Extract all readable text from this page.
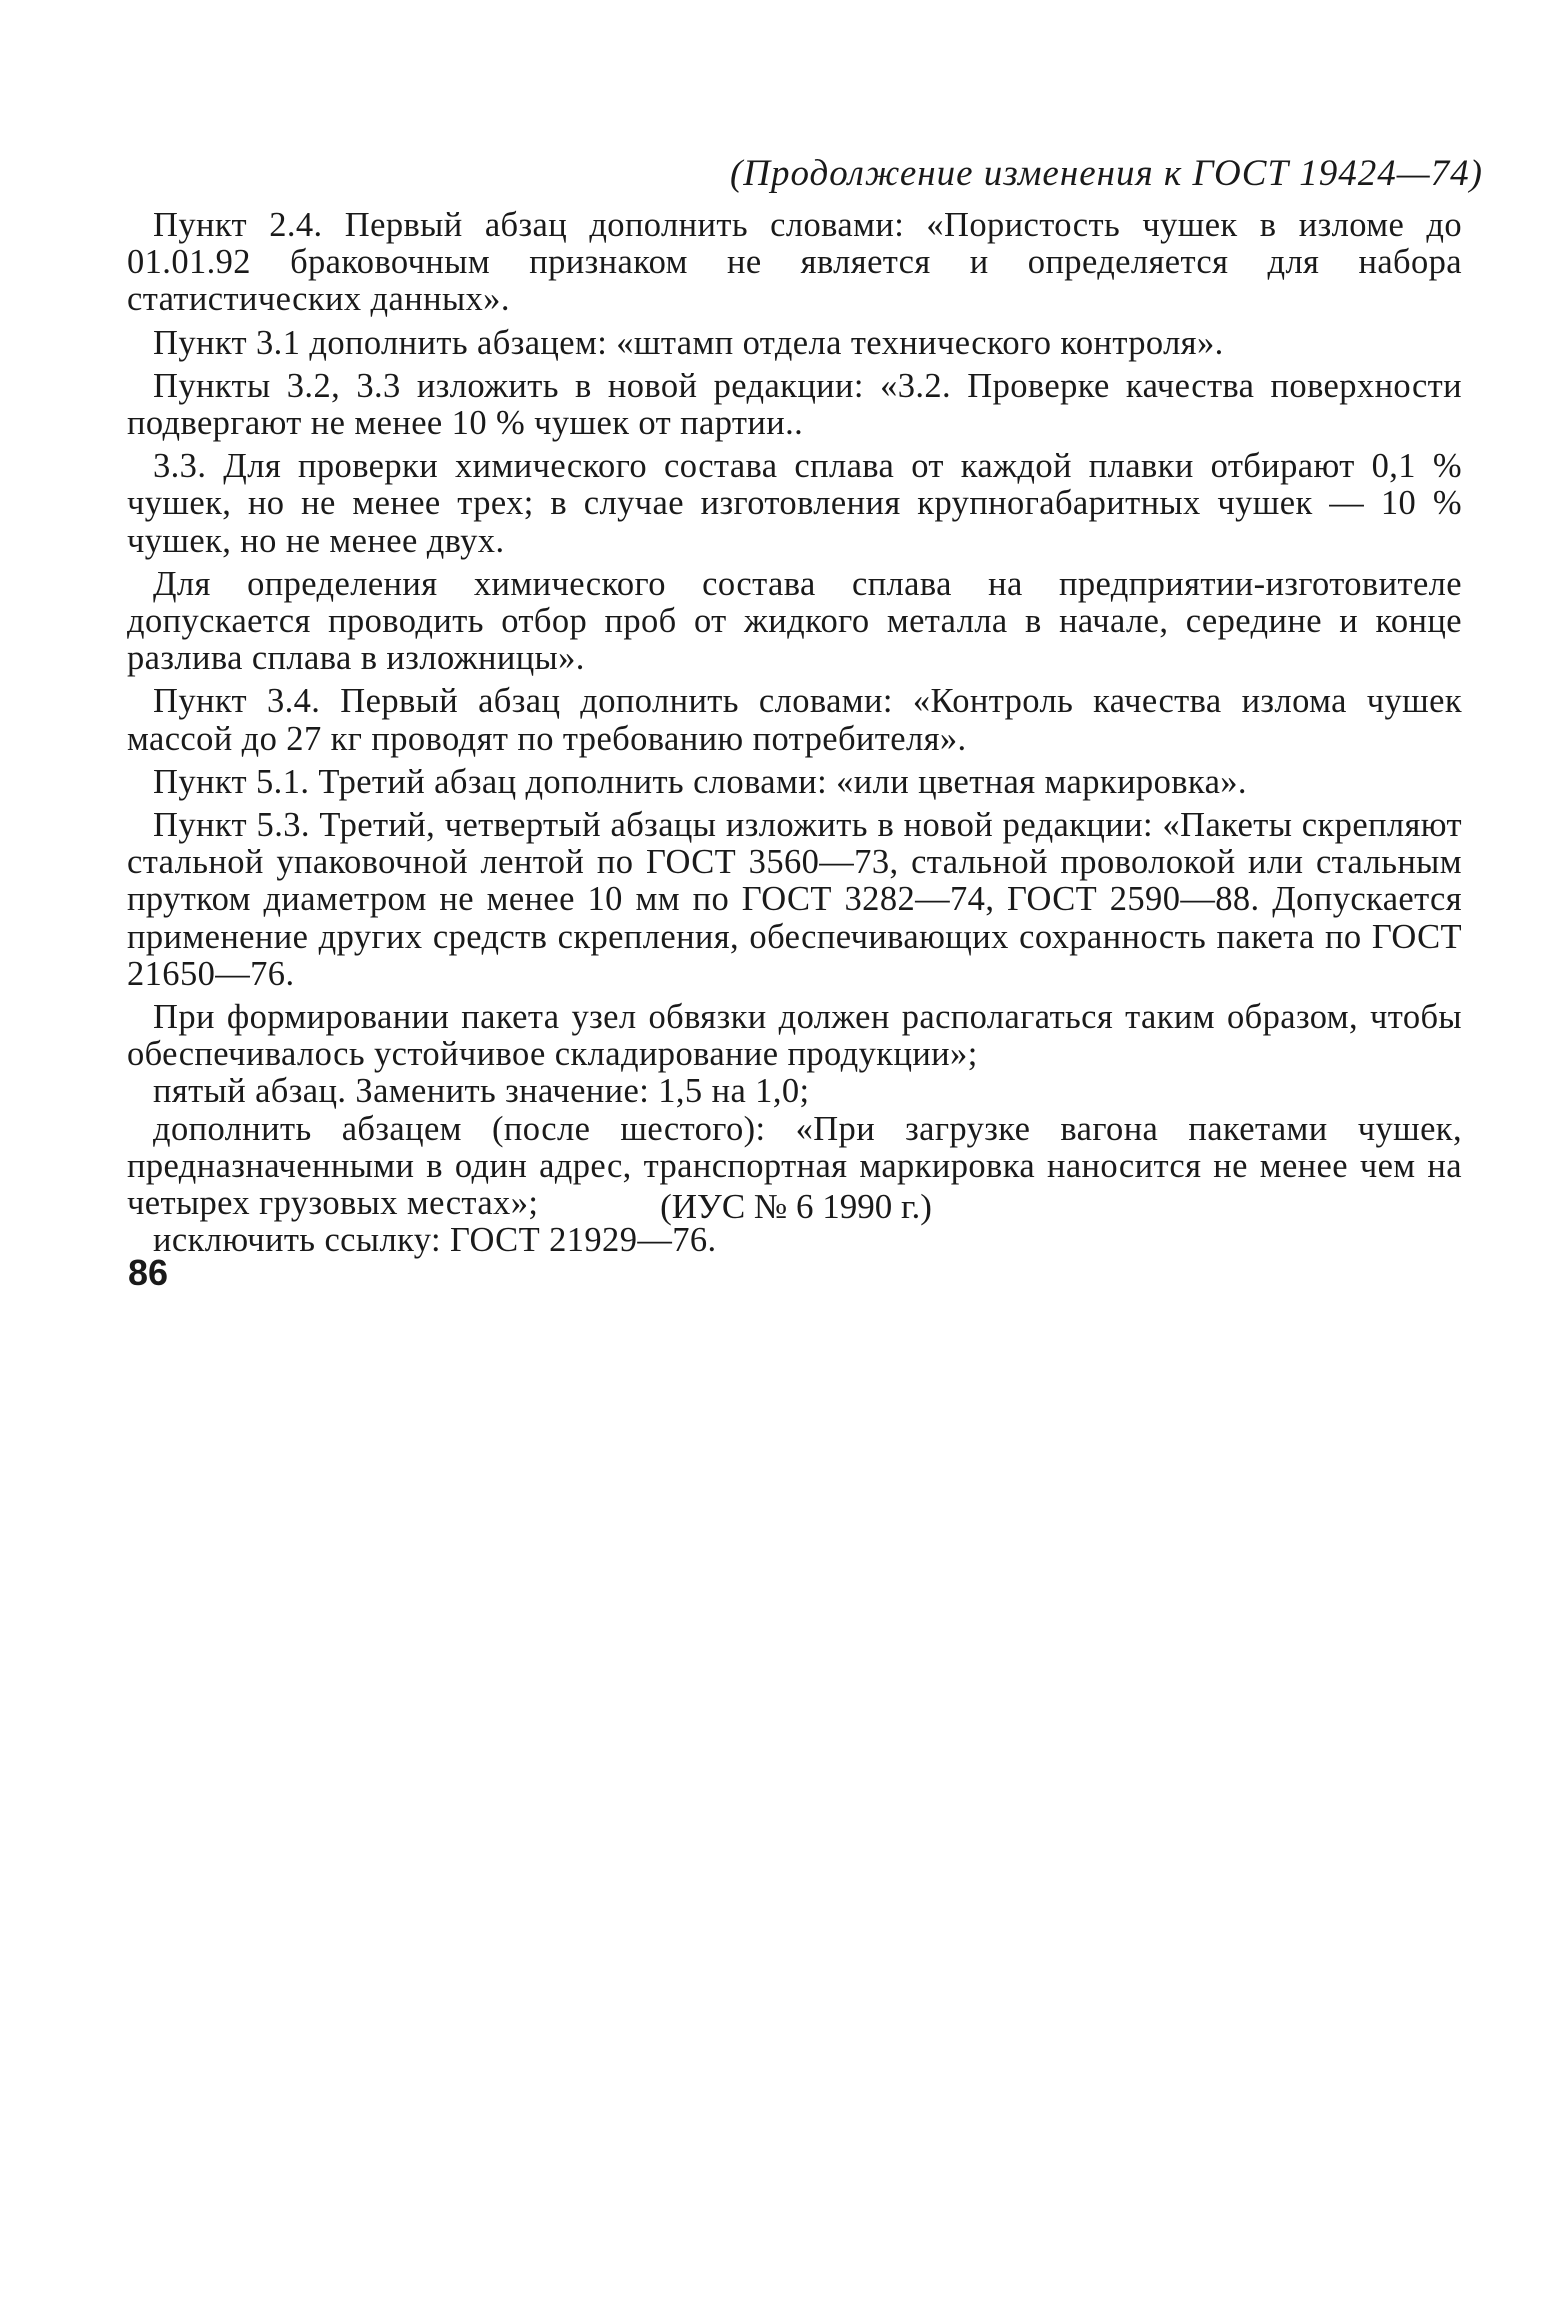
(Продолжение изменения к ГОСТ 19424—74)

Пункт 2.4. Первый абзац дополнить словами: «Пористость чушек в изломе до 01.01.92 браковочным признаком не является и определяется для набора статистических данных».

Пункт 3.1 дополнить абзацем: «штамп отдела технического контроля».

Пункты 3.2, 3.3 изложить в новой редакции: «3.2. Проверке качества поверхности подвергают не менее 10 % чушек от партии..

3.3. Для проверки химического состава сплава от каждой плавки отбирают 0,1 % чушек, но не менее трех; в случае изготовления крупногабаритных чушек — 10 % чушек, но не менее двух.

Для определения химического состава сплава на предприятии-изготовителе допускается проводить отбор проб от жидкого металла в начале, середине и конце разлива сплава в изложницы».

Пункт 3.4. Первый абзац дополнить словами: «Контроль качества излома чушек массой до 27 кг проводят по требованию потребителя».

Пункт 5.1. Третий абзац дополнить словами: «или цветная маркировка».

Пункт 5.3. Третий, четвертый абзацы изложить в новой редакции: «Пакеты скрепляют стальной упаковочной лентой по ГОСТ 3560—73, стальной проволокой или стальным прутком диаметром не менее 10 мм по ГОСТ 3282—74, ГОСТ 2590—88. Допускается применение других средств скрепления, обеспечивающих сохранность пакета по ГОСТ 21650—76.

При формировании пакета узел обвязки должен располагаться таким образом, чтобы обеспечивалось устойчивое складирование продукции»;

пятый абзац. Заменить значение: 1,5 на 1,0;

дополнить абзацем (после шестого): «При загрузке вагона пакетами чушек, предназначенными в один адрес, транспортная маркировка наносится не менее чем на четырех грузовых местах»;

исключить ссылку: ГОСТ 21929—76.

(ИУС № 6 1990 г.)
86
